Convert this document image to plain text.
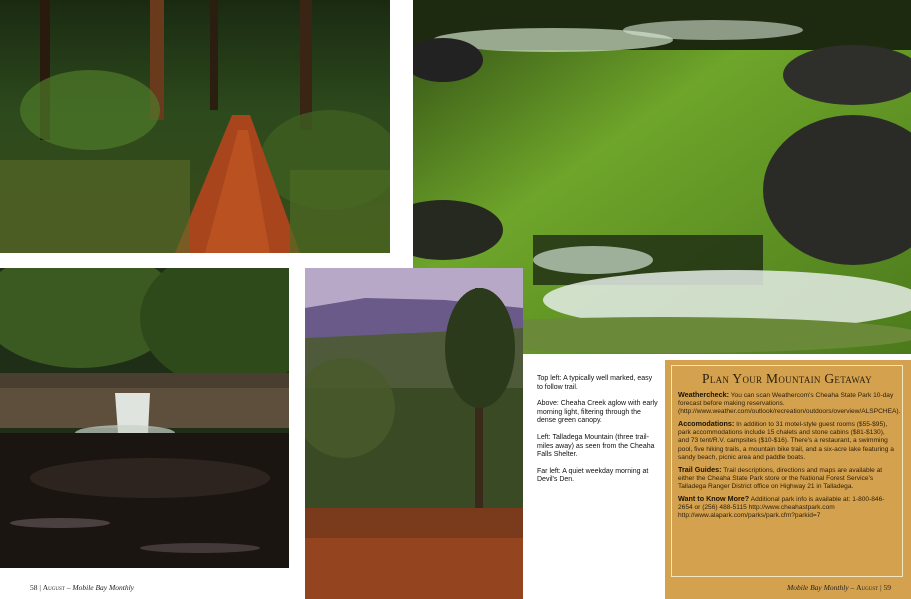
Top left: A typically well marked, easy to follow trail.

Above: Cheaha Creek aglow with early morning light, filtering through the dense green canopy.

Left: Talladega Mountain (three trail-miles away) as seen from the Cheaha Falls Shelter.

Far left: A quiet weekday morning at Devil's Den.

Plan Your Mountain Getaway
Weathercheck: You can scan Weathercom's Cheaha State Park 10-day forecast before making reservations. (http://www.weather.com/outlook/recreation/outdoors/overview/ALSPCHEA).
Accomodations: In addition to 31 motel-style guest rooms ($55-$95), park accommodations include 15 chalets and stone cabins ($81-$130), and 73 tent/R.V. campsites ($10-$16). There's a restaurant, a swimming pool, five hiking trails, a mountain bike trail, and a six-acre lake featuring a sandy beach, picnic area and paddle boats.
Trail Guides: Trail descriptions, directions and maps are available at either the Cheaha State Park store or the National Forest Service's Talladega Ranger District office on Highway 21 in Talladega.
Want to Know More? Additional park info is available at: 1-800-846-2654 or (256) 488-5115 http://www.cheahastpark.com http://www.alapark.com/parks/park.cfm?parkid=7
58 | August – Mobile Bay Monthly	Mobile Bay Monthly – August | 59
